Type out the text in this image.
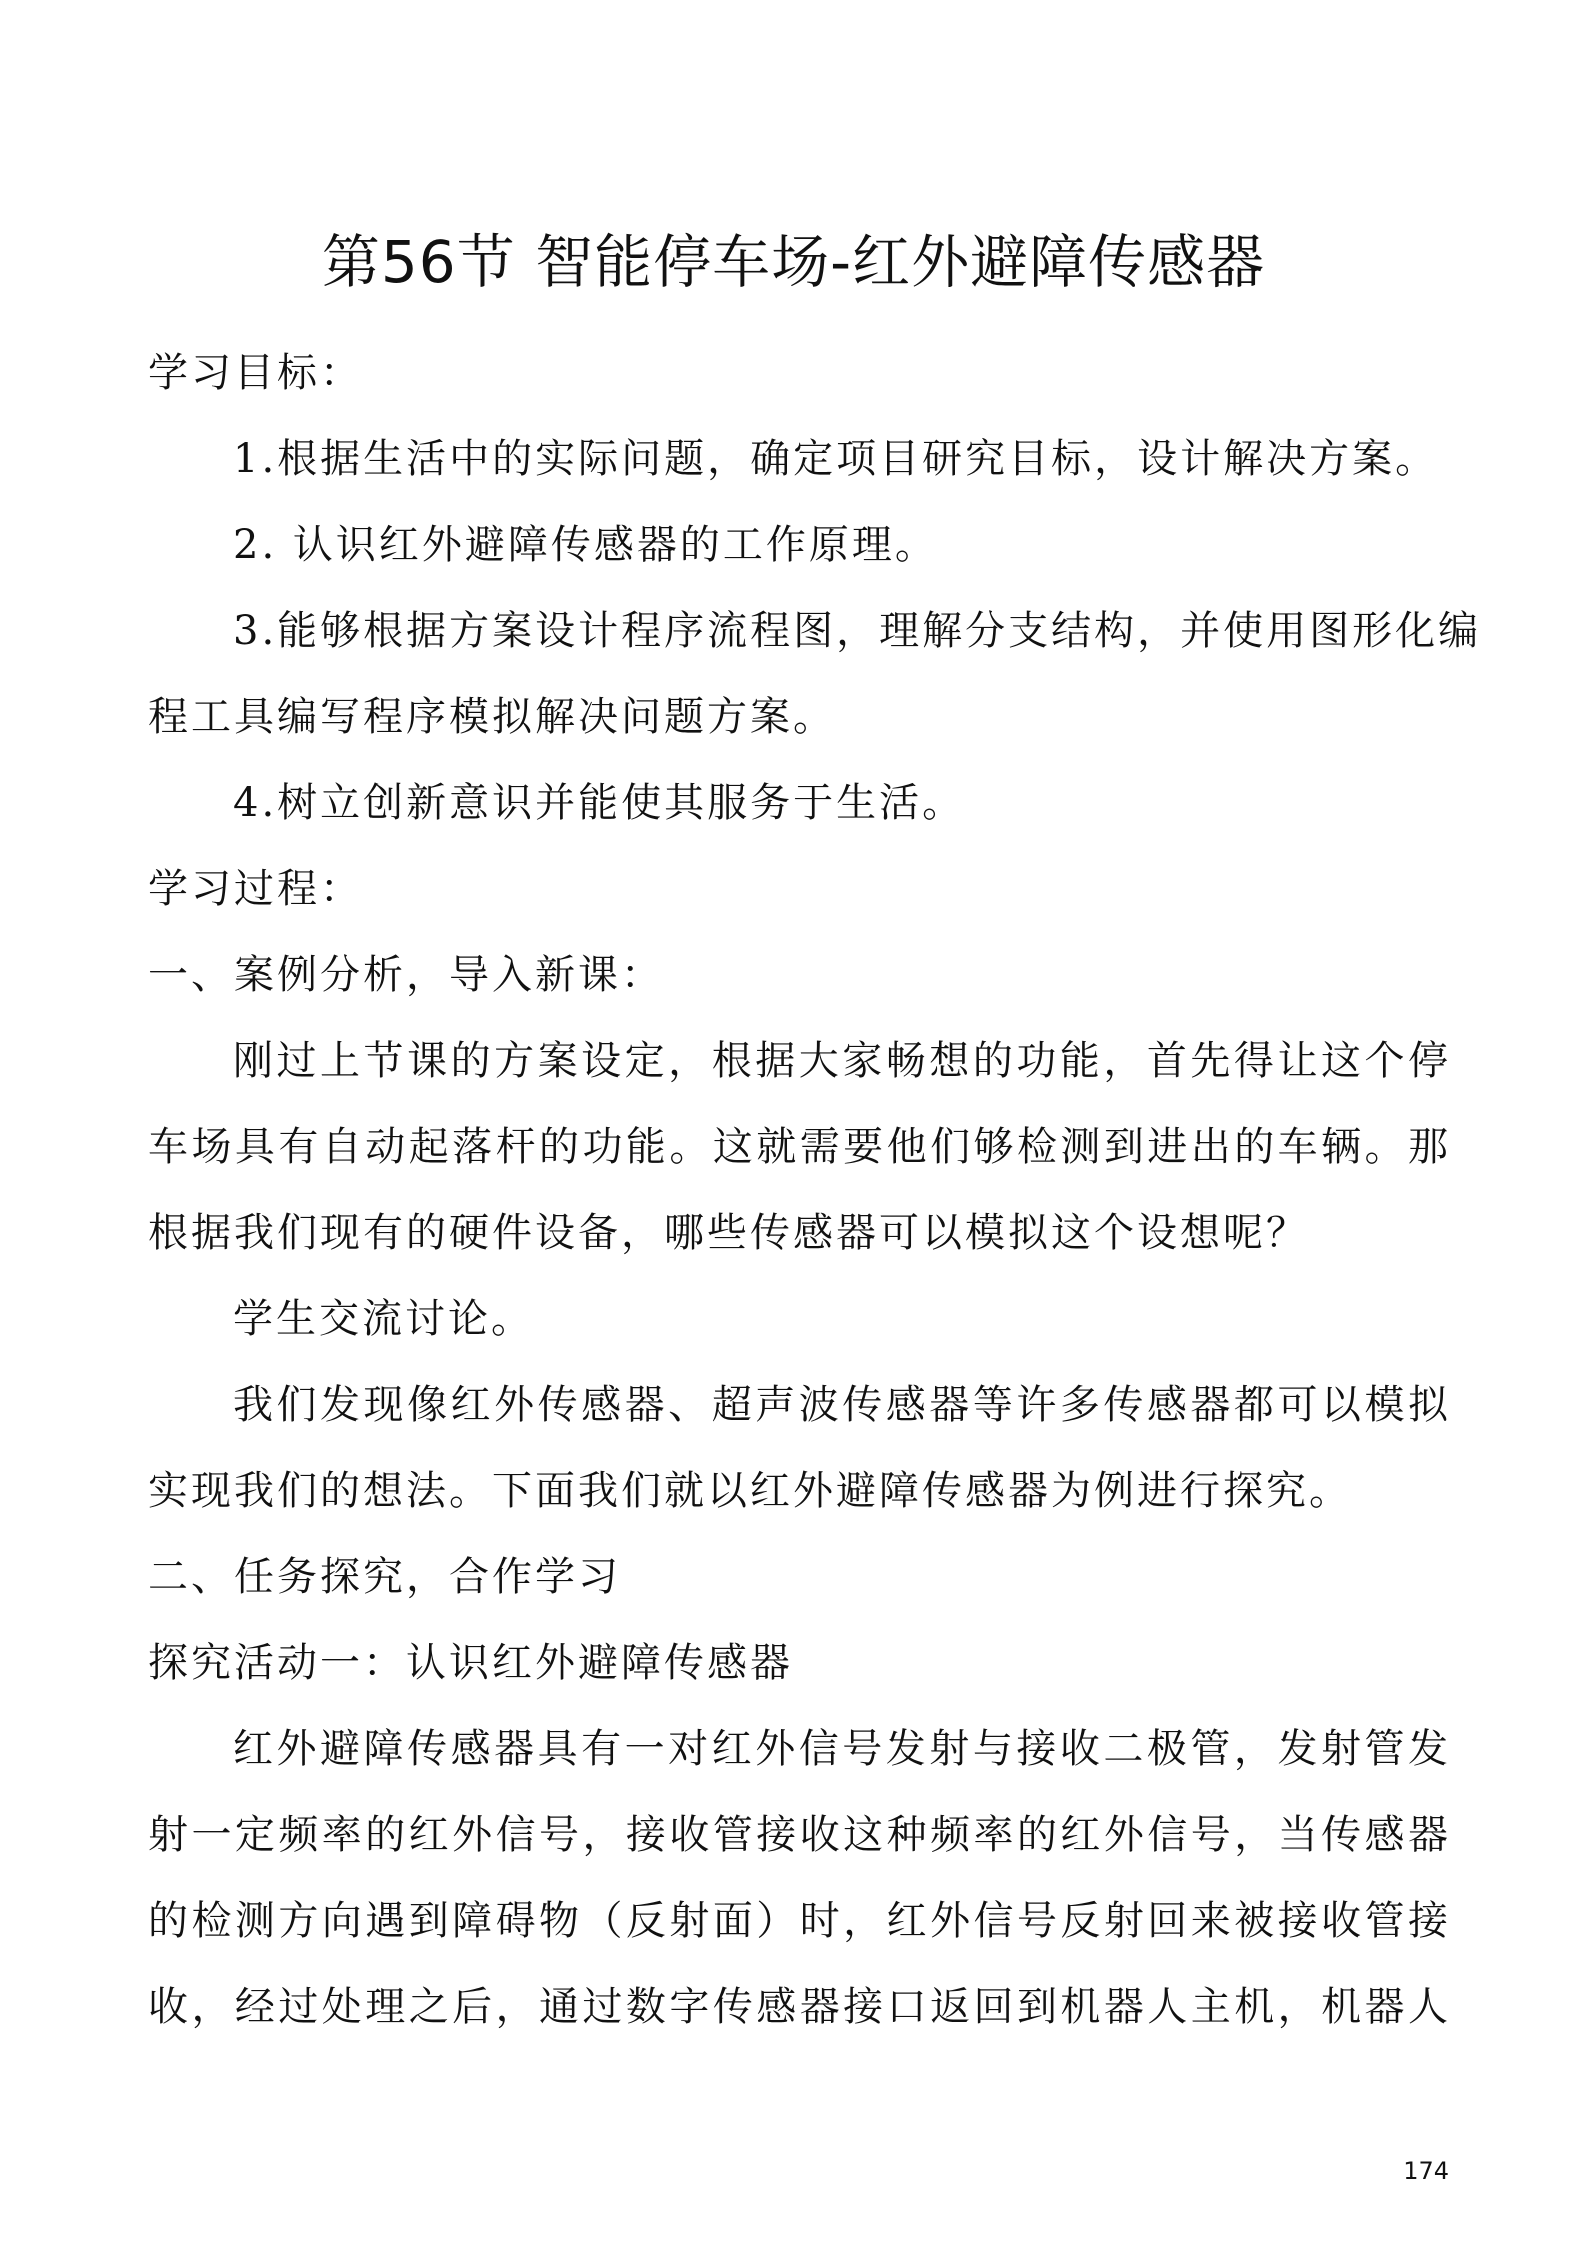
第56节 智能停车场-红外避障传感器
学习目标：
1.根据生活中的实际问题，确定项目研究目标，设计解决方案。
2. 认识红外避障传感器的工作原理。
3.能够根据方案设计程序流程图，理解分支结构，并使用图形化编
程工具编写程序模拟解决问题方案。
4.树立创新意识并能使其服务于生活。
学习过程：
一、案例分析，导入新课：
刚过上节课的方案设定，根据大家畅想的功能，首先得让这个停
车场具有自动起落杆的功能。这就需要他们够检测到进出的车辆。那
根据我们现有的硬件设备，哪些传感器可以模拟这个设想呢？
学生交流讨论。
我们发现像红外传感器、超声波传感器等许多传感器都可以模拟
实现我们的想法。下面我们就以红外避障传感器为例进行探究。
二、任务探究，合作学习
探究活动一：认识红外避障传感器
红外避障传感器具有一对红外信号发射与接收二极管，发射管发
射一定频率的红外信号，接收管接收这种频率的红外信号，当传感器
的检测方向遇到障碍物（反射面）时，红外信号反射回来被接收管接
收，经过处理之后，通过数字传感器接口返回到机器人主机，机器人
174
